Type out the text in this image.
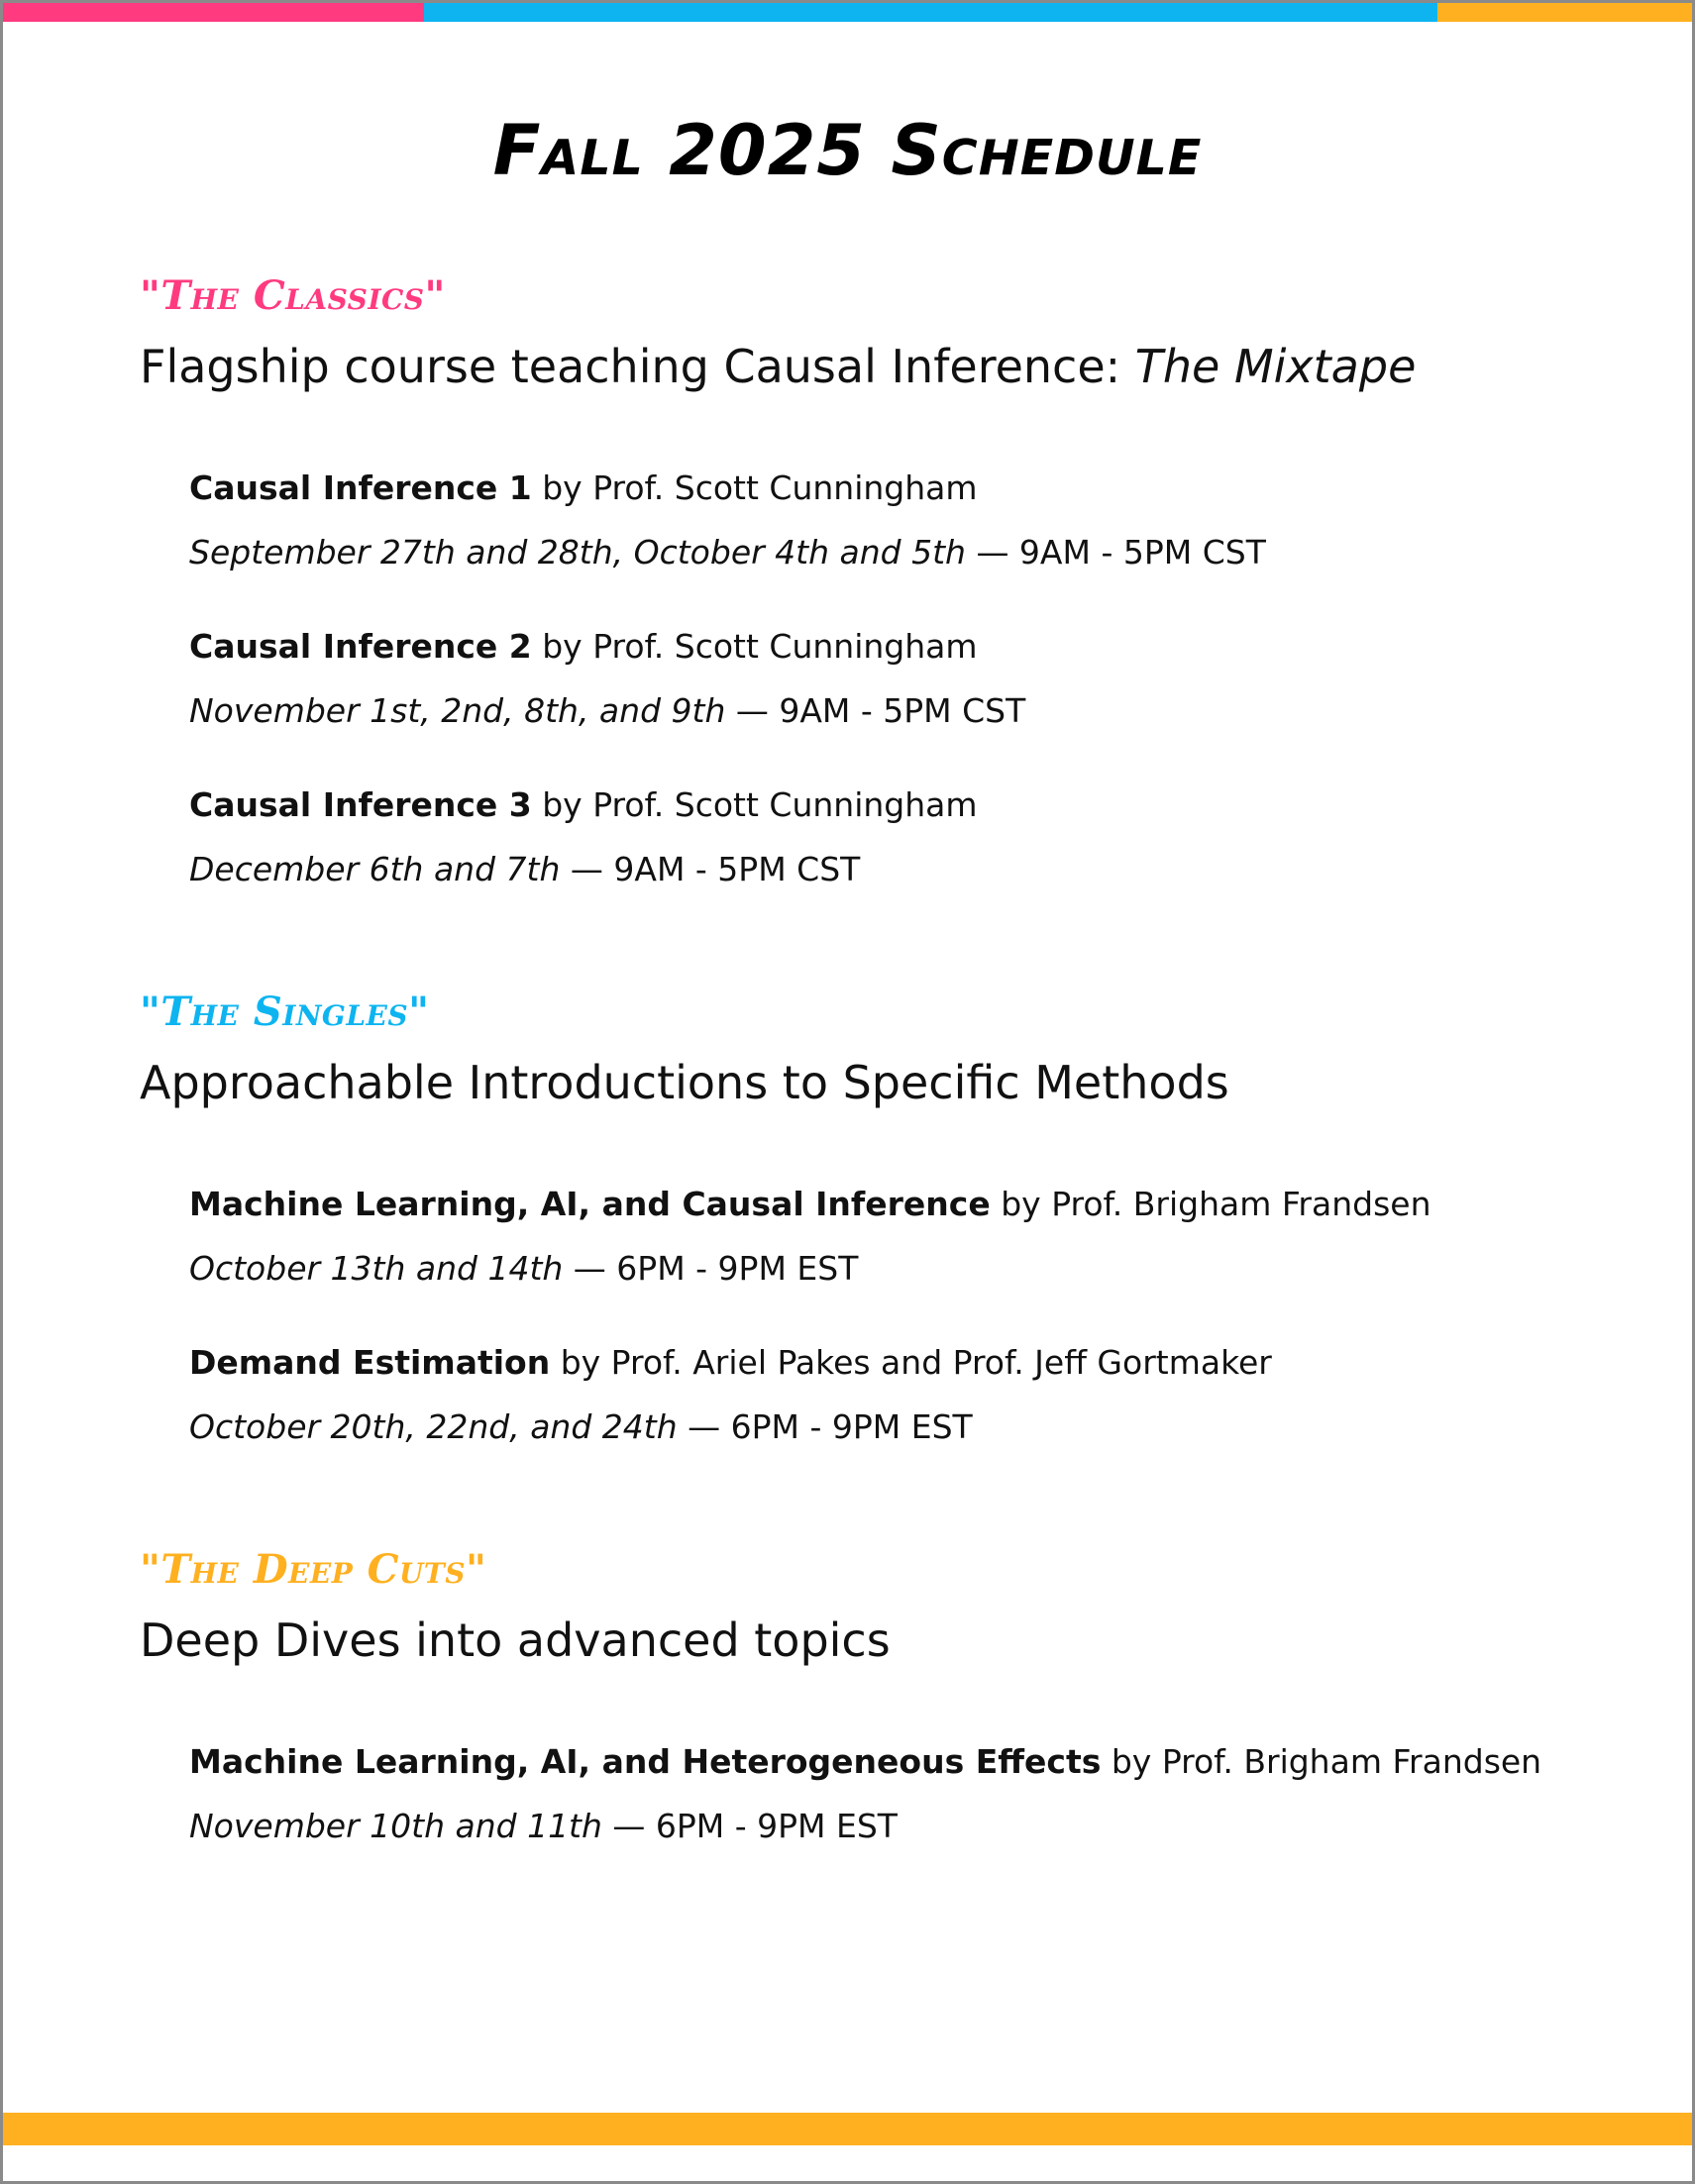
Fall 2025 Schedule
"The Classics"
Flagship course teaching Causal Inference: The Mixtape
Causal Inference 1 by Prof. Scott Cunningham
September 27th and 28th, October 4th and 5th — 9AM - 5PM CST
Causal Inference 2 by Prof. Scott Cunningham
November 1st, 2nd, 8th, and 9th — 9AM - 5PM CST
Causal Inference 3 by Prof. Scott Cunningham
December 6th and 7th — 9AM - 5PM CST
"The Singles"
Approachable Introductions to Specific Methods
Machine Learning, AI, and Causal Inference by Prof. Brigham Frandsen
October 13th and 14th — 6PM - 9PM EST
Demand Estimation by Prof. Ariel Pakes and Prof. Jeff Gortmaker
October 20th, 22nd, and 24th — 6PM - 9PM EST
"The Deep Cuts"
Deep Dives into advanced topics
Machine Learning, AI, and Heterogeneous Effects by Prof. Brigham Frandsen
November 10th and 11th — 6PM - 9PM EST
